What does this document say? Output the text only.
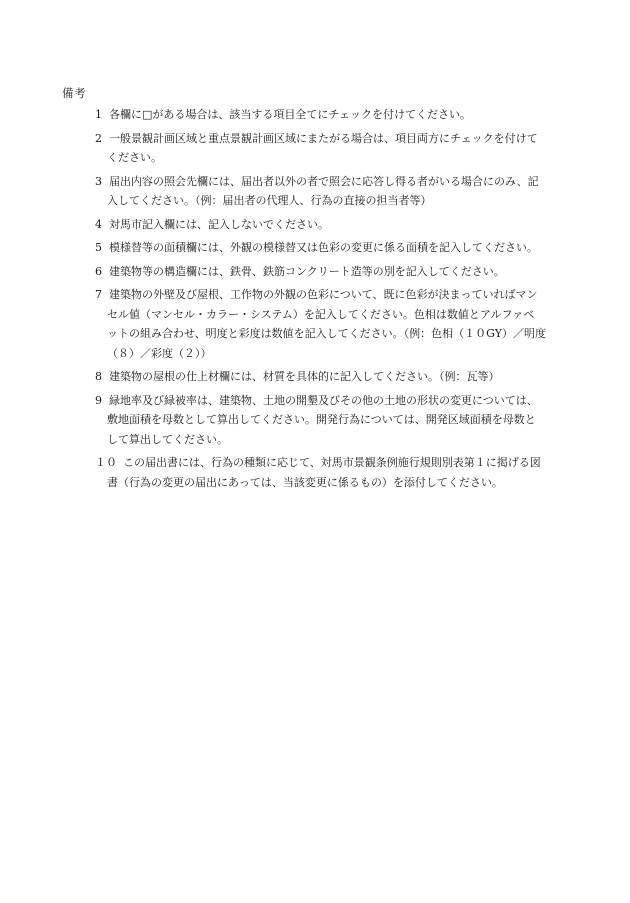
備考
1 各欄に□がある場合は、該当する項目全てにチェックを付けてください。
2 一般景観計画区域と重点景観計画区域にまたがる場合は、項目両方にチェックを付けて
ください。
3 届出内容の照会先欄には、届出者以外の者で照会に応答し得る者がいる場合にのみ、記
入してください。（例：届出者の代理人、行為の直接の担当者等）
4 対馬市記入欄には、記入しないでください。
5 模様替等の面積欄には、外観の模様替又は色彩の変更に係る面積を記入してください。
6 建築物等の構造欄には、鉄骨、鉄筋コンクリート造等の別を記入してください。
7 建築物の外壁及び屋根、工作物の外観の色彩について、既に色彩が決まっていればマン
セル値（マンセル・カラー・システム）を記入してください。色相は数値とアルファベ
ットの組み合わせ、明度と彩度は数値を記入してください。（例：色相（１０GY）／明度
（８）／彩度（２））
8 建築物の屋根の仕上材欄には、材質を具体的に記入してください。（例：瓦等）
9 緑地率及び緑被率は、建築物、土地の開墾及びその他の土地の形状の変更については、
敷地面積を母数として算出してください。開発行為については、開発区域面積を母数と
して算出してください。
１０ この届出書には、行為の種類に応じて、対馬市景観条例施行規則別表第１に掲げる図
書（行為の変更の届出にあっては、当該変更に係るもの）を添付してください。
